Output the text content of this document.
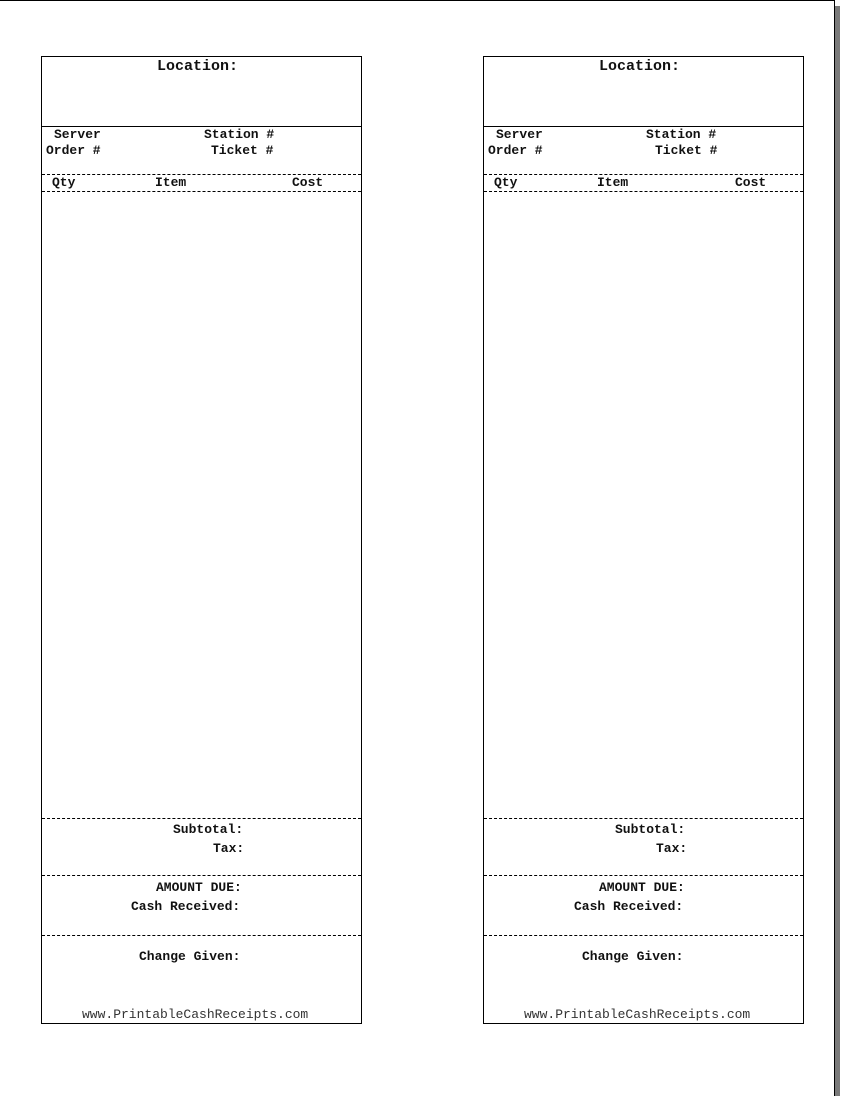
Location:
Server	Station #
Order #	Ticket #
Qty	Item	Cost
Subtotal:
Tax:
AMOUNT DUE:
Cash Received:
Change Given:
www.PrintableCashReceipts.com
Location:
Server	Station #
Order #	Ticket #
Qty	Item	Cost
Subtotal:
Tax:
AMOUNT DUE:
Cash Received:
Change Given:
www.PrintableCashReceipts.com
